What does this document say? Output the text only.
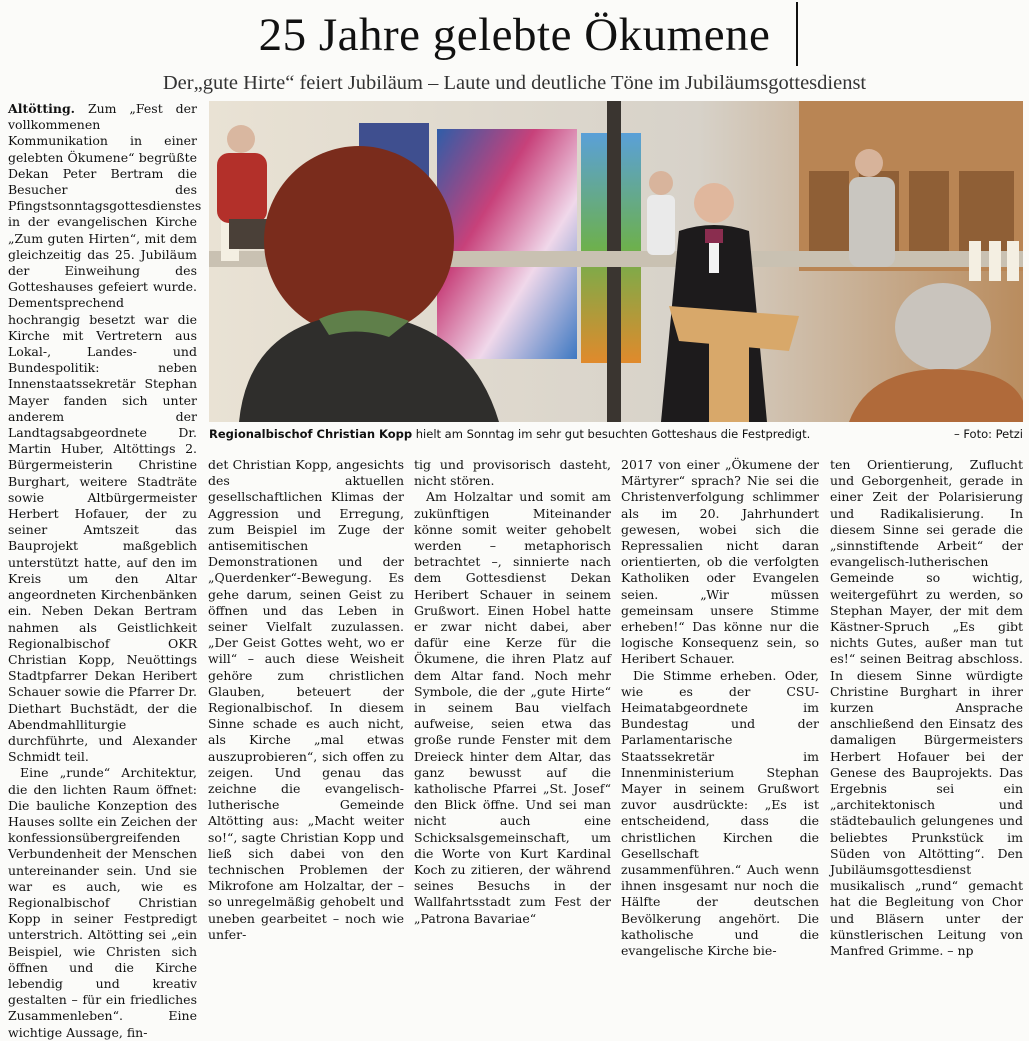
25 Jahre gelebte Ökumene
Der„gute Hirte“ feiert Jubiläum – Laute und deutliche Töne im Jubiläumsgottesdienst

Altötting. Zum „Fest der vollkommenen Kommunikation in einer gelebten Ökumene“ begrüßte Dekan Peter Bertram die Besucher des Pfingstsonntagsgottesdienstes in der evangelischen Kirche „Zum guten Hirten“, mit dem gleichzeitig das 25. Jubiläum der Einweihung des Gotteshauses gefeiert wurde. Dementsprechend hochrangig besetzt war die Kirche mit Vertretern aus Lokal-, Landes- und Bundespolitik: neben Innenstaatssekretär Stephan Mayer fanden sich unter anderem der Landtagsabgeordnete Dr. Martin Huber, Altöttings 2. Bürgermeisterin Christine Burghart, weitere Stadträte sowie Altbürgermeister Herbert Hofauer, der zu seiner Amtszeit das Bauprojekt maßgeblich unterstützt hatte, auf den im Kreis um den Altar angeordneten Kirchenbänken ein. Neben Dekan Bertram nahmen als Geistlichkeit Regionalbischof OKR Christian Kopp, Neuöttings Stadtpfarrer Dekan Heribert Schauer sowie die Pfarrer Dr. Diethart Buchstädt, der die Abendmahlliturgie durchführte, und Alexander Schmidt teil.

Eine „runde“ Architektur, die den lichten Raum öffnet: Die bauliche Konzeption des Hauses sollte ein Zeichen der konfessionsübergreifenden Verbundenheit der Menschen untereinander sein. Und sie war es auch, wie es Regionalbischof Christian Kopp in seiner Festpredigt unterstrich. Altötting sei „ein Beispiel, wie Christen sich öffnen und die Kirche lebendig und kreativ gestalten – für ein friedliches Zusammenleben“. Eine wichtige Aussage, fin-

Regionalbischof Christian Kopp hielt am Sonntag im sehr gut besuchten Gotteshaus die Festpredigt.	– Foto: Petzi

det Christian Kopp, angesichts des aktuellen gesellschaftlichen Klimas der Aggression und Erregung, zum Beispiel im Zuge der antisemitischen Demonstrationen und der „Querdenker“-Bewegung. Es gehe darum, seinen Geist zu öffnen und das Leben in seiner Vielfalt zuzulassen. „Der Geist Gottes weht, wo er will“ – auch diese Weisheit gehöre zum christlichen Glauben, beteuert der Regionalbischof. In diesem Sinne schade es auch nicht, als Kirche „mal etwas auszuprobieren“, sich offen zu zeigen. Und genau das zeichne die evangelisch-lutherische Gemeinde Altötting aus: „Macht weiter so!“, sagte Christian Kopp und ließ sich dabei von den technischen Problemen der Mikrofone am Holzaltar, der – so unregelmäßig gehobelt und uneben gearbeitet – noch wie unfer-

tig und provisorisch dasteht, nicht stören.

Am Holzaltar und somit am zukünftigen Miteinander könne somit weiter gehobelt werden – metaphorisch betrachtet –, sinnierte nach dem Gottesdienst Dekan Heribert Schauer in seinem Grußwort. Einen Hobel hatte er zwar nicht dabei, aber dafür eine Kerze für die Ökumene, die ihren Platz auf dem Altar fand. Noch mehr Symbole, die der „gute Hirte“ in seinem Bau vielfach aufweise, seien etwa das große runde Fenster mit dem Dreieck hinter dem Altar, das ganz bewusst auf die katholische Pfarrei „St. Josef“ den Blick öffne. Und sei man nicht auch eine Schicksalsgemeinschaft, um die Worte von Kurt Kardinal Koch zu zitieren, der während seines Besuchs in der Wallfahrtsstadt zum Fest der „Patrona Bavariae“

2017 von einer „Ökumene der Märtyrer“ sprach? Nie sei die Christenverfolgung schlimmer als im 20. Jahrhundert gewesen, wobei sich die Repressalien nicht daran orientierten, ob die verfolgten Katholiken oder Evangelen seien. „Wir müssen gemeinsam unsere Stimme erheben!“ Das könne nur die logische Konsequenz sein, so Heribert Schauer.

Die Stimme erheben. Oder, wie es der CSU-Heimatabgeordnete im Bundestag und der Parlamentarische Staatssekretär im Innenministerium Stephan Mayer in seinem Grußwort zuvor ausdrückte: „Es ist entscheidend, dass die christlichen Kirchen die Gesellschaft zusammenführen.“ Auch wenn ihnen insgesamt nur noch die Hälfte der deutschen Bevölkerung angehört. Die katholische und die evangelische Kirche bie-

ten Orientierung, Zuflucht und Geborgenheit, gerade in einer Zeit der Polarisierung und Radikalisierung. In diesem Sinne sei gerade die „sinnstiftende Arbeit“ der evangelisch-lutherischen Gemeinde so wichtig, weitergeführt zu werden, so Stephan Mayer, der mit dem Kästner-Spruch „Es gibt nichts Gutes, außer man tut es!“ seinen Beitrag abschloss. In diesem Sinne würdigte Christine Burghart in ihrer kurzen Ansprache anschließend den Einsatz des damaligen Bürgermeisters Herbert Hofauer bei der Genese des Bauprojekts. Das Ergebnis sei ein „architektonisch und städtebaulich gelungenes und beliebtes Prunkstück im Süden von Altötting“. Den Jubiläumsgottesdienst musikalisch „rund“ gemacht hat die Begleitung von Chor und Bläsern unter der künstlerischen Leitung von Manfred Grimme. – np
